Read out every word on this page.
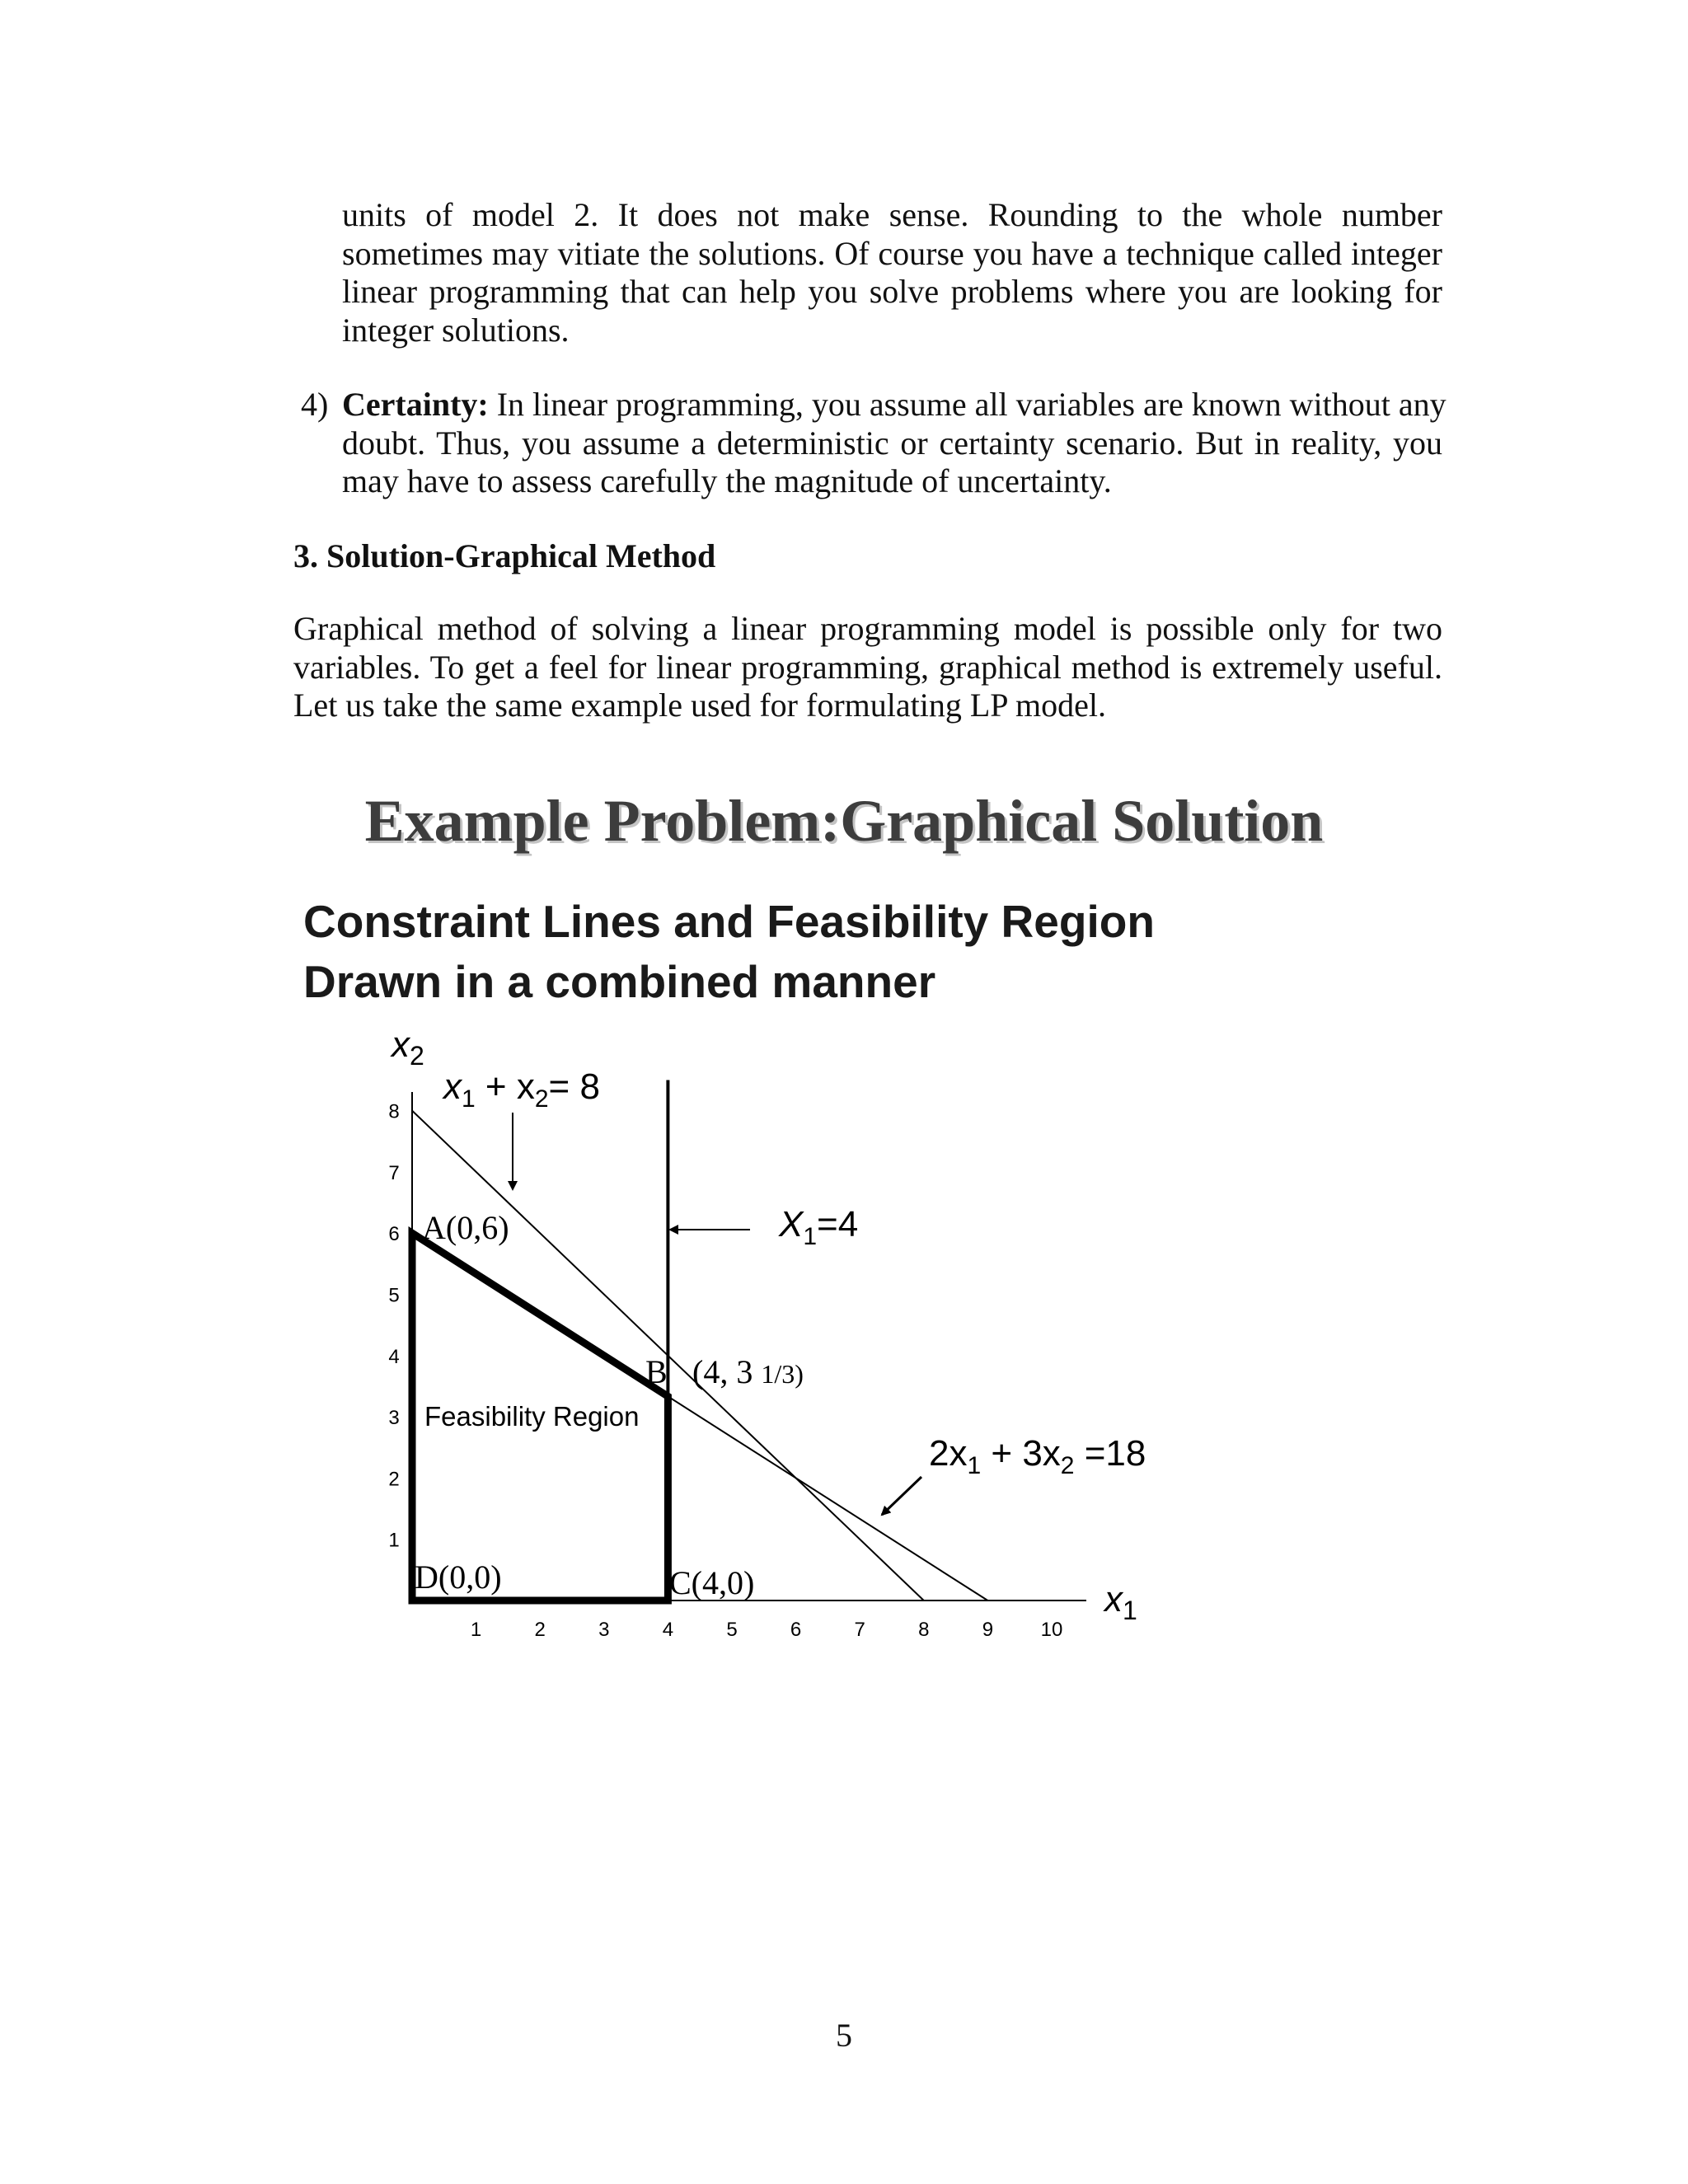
units of model 2. It does not make sense. Rounding to the whole number
sometimes may vitiate the solutions. Of course you have a technique called integer
linear programming that can help you solve problems where you are looking for
integer solutions.
4) Certainty: In linear programming, you assume all variables are known without any
doubt. Thus, you assume a deterministic or certainty scenario. But in reality, you
may have to assess carefully the magnitude of uncertainty.
3. Solution-Graphical Method
Graphical method of solving a linear programming model is possible only for two
variables. To get a feel for linear programming, graphical method is extremely useful.
Let us take the same example used for formulating LP model.
Example Problem:Graphical Solution
Constraint Lines and Feasibility Region
Drawn in a combined manner
1	2	3	4	5	6	7	8	9 10
1
2
3
4
5
6
7
8
Feasibility Region
A(0,6)
B (4, 3 1/3)
C(4,0)
D(0,0)
$x_1 + x_2= 8$
$X_1=4$
$2x_1 + 3x_2 =18$
$x_2$
$x_1$
5
